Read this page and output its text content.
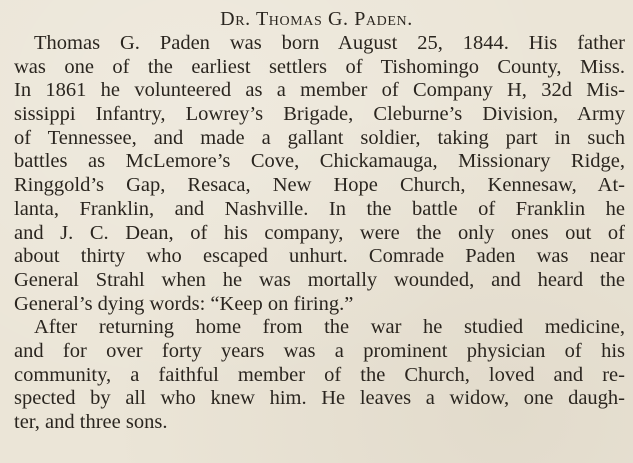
Dr. Thomas G. Paden.
Thomas G. Paden was born August 25, 1844. His father
was one of the earliest settlers of Tishomingo County, Miss.
In 1861 he volunteered as a member of Company H, 32d Mis-
sissippi Infantry, Lowrey’s Brigade, Cleburne’s Division, Army
of Tennessee, and made a gallant soldier, taking part in such
battles as McLemore’s Cove, Chickamauga, Missionary Ridge,
Ringgold’s Gap, Resaca, New Hope Church, Kennesaw, At-
lanta, Franklin, and Nashville. In the battle of Franklin he
and J. C. Dean, of his company, were the only ones out of
about thirty who escaped unhurt. Comrade Paden was near
General Strahl when he was mortally wounded, and heard the
General’s dying words: “Keep on firing.”
After returning home from the war he studied medicine,
and for over forty years was a prominent physician of his
community, a faithful member of the Church, loved and re-
spected by all who knew him. He leaves a widow, one daugh-
ter, and three sons.
